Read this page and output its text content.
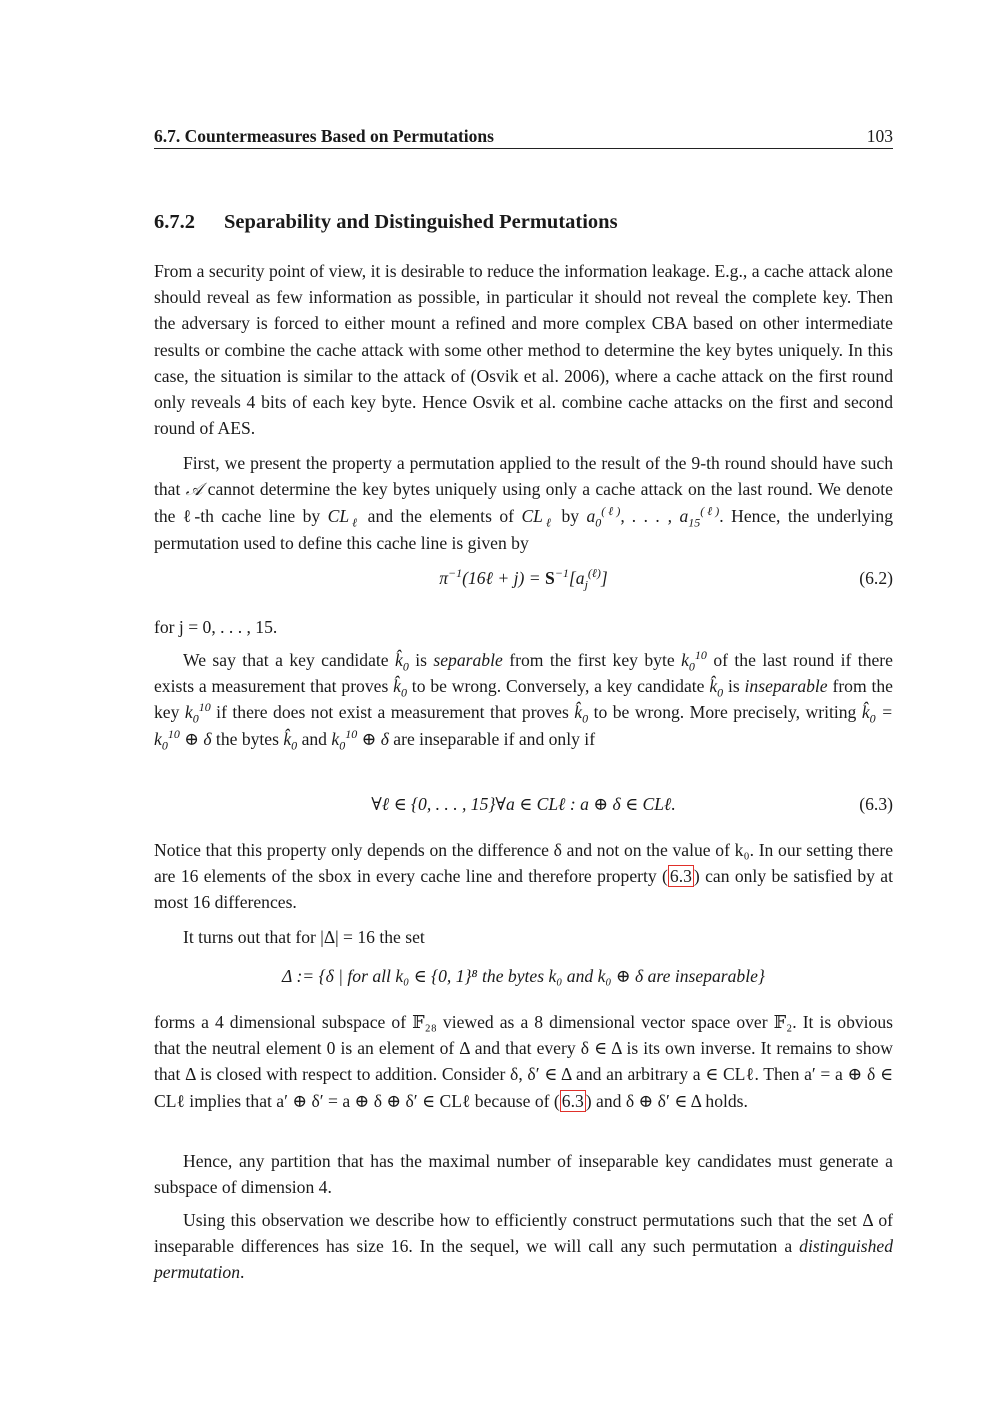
6.7. Countermeasures Based on Permutations	103
6.7.2 Separability and Distinguished Permutations

From a security point of view, it is desirable to reduce the information leakage. E.g., a cache attack alone should reveal as few information as possible, in particular it should not reveal the complete key. Then the adversary is forced to either mount a refined and more complex CBA based on other intermediate results or combine the cache attack with some other method to determine the key bytes uniquely. In this case, the situation is similar to the attack of (Osvik et al. 2006), where a cache attack on the first round only reveals 4 bits of each key byte. Hence Osvik et al. combine cache attacks on the first and second round of AES.

First, we present the property a permutation applied to the result of the 9-th round should have such that 𝒜 cannot determine the key bytes uniquely using only a cache attack on the last round. We denote the ℓ-th cache line by $CL_\ell$ and the elements of $CL_\ell$ by $a_0^{(\ell)}$, . . . , $a_{15}^{(\ell)}$. Hence, the underlying permutation used to define this cache line is given by

$\pi^{-1}(16\ell + j) = S^{-1}[a_j^{(\ell)}]$	(6.2)

for j = 0, . . . , 15.

We say that a key candidate $k̂_0$ is separable from the first key byte $k_0^{10}$ of the last round if there exists a measurement that proves $k̂_0$ to be wrong. Conversely, a key candidate $k̂_0$ is inseparable from the key $k_0^{10}$ if there does not exist a measurement that proves $k̂_0$ to be wrong. More precisely, writing $k̂_0 = k_0^{10}$ ⊕ δ the bytes $k̂_0$ and $k_0^{10}$ ⊕ δ are inseparable if and only if

∀ℓ ∈ {0, . . . , 15}∀a ∈ CLℓ : a ⊕ δ ∈ CLℓ.	(6.3)

Notice that this property only depends on the difference δ and not on the value of k₀. In our setting there are 16 elements of the sbox in every cache line and therefore property ( 6.3 ) can only be satisfied by at most 16 differences.

It turns out that for |Δ| = 16 the set

Δ := {δ | for all k₀ ∈ {0, 1}⁸ the bytes k₀ and k₀ ⊕ δ are inseparable}

forms a 4 dimensional subspace of 𝔽₂₈ viewed as a 8 dimensional vector space over 𝔽₂. It is obvious that the neutral element 0 is an element of Δ and that every δ ∈ Δ is its own inverse. It remains to show that Δ is closed with respect to addition. Consider δ, δ′ ∈ Δ and an arbitrary a ∈ CLℓ. Then a′ = a ⊕ δ ∈ CLℓ implies that a′ ⊕ δ′ = a ⊕ δ ⊕ δ′ ∈ CLℓ because of ( 6.3 ) and δ ⊕ δ′ ∈ Δ holds.

Hence, any partition that has the maximal number of inseparable key candidates must generate a subspace of dimension 4.

Using this observation we describe how to efficiently construct permutations such that the set Δ of inseparable differences has size 16. In the sequel, we will call any such permutation a distinguished permutation.
